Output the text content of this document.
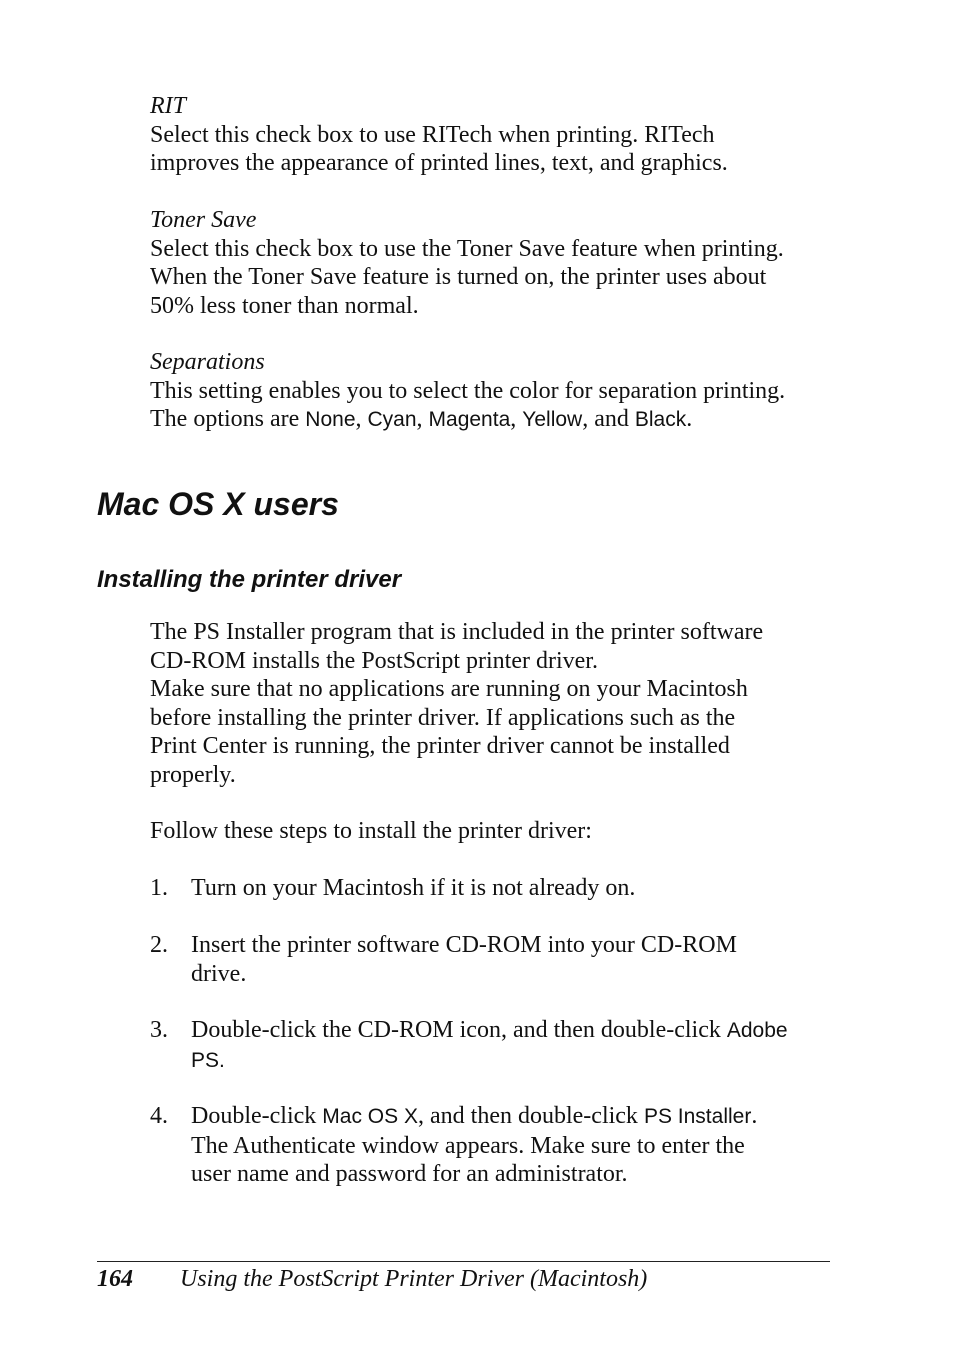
RIT

Select this check box to use RITech when printing. RITech

improves the appearance of printed lines, text, and graphics.

Toner Save

Select this check box to use the Toner Save feature when printing.

When the Toner Save feature is turned on, the printer uses about

50% less toner than normal.

Separations

This setting enables you to select the color for separation printing.

The options are None, Cyan, Magenta, Yellow, and Black.

Mac OS X users
Installing the printer driver

The PS Installer program that is included in the printer software

CD-ROM installs the PostScript printer driver.

Make sure that no applications are running on your Macintosh

before installing the printer driver. If applications such as the

Print Center is running, the printer driver cannot be installed

properly.

Follow these steps to install the printer driver:

1. Turn on your Macintosh if it is not already on.

2. Insert the printer software CD-ROM into your CD-ROM

drive.

3. Double-click the CD-ROM icon, and then double-click Adobe

PS.

4. Double-click Mac OS X, and then double-click PS Installer.

The Authenticate window appears. Make sure to enter the

user name and password for an administrator.

164 Using the PostScript Printer Driver (Macintosh)
